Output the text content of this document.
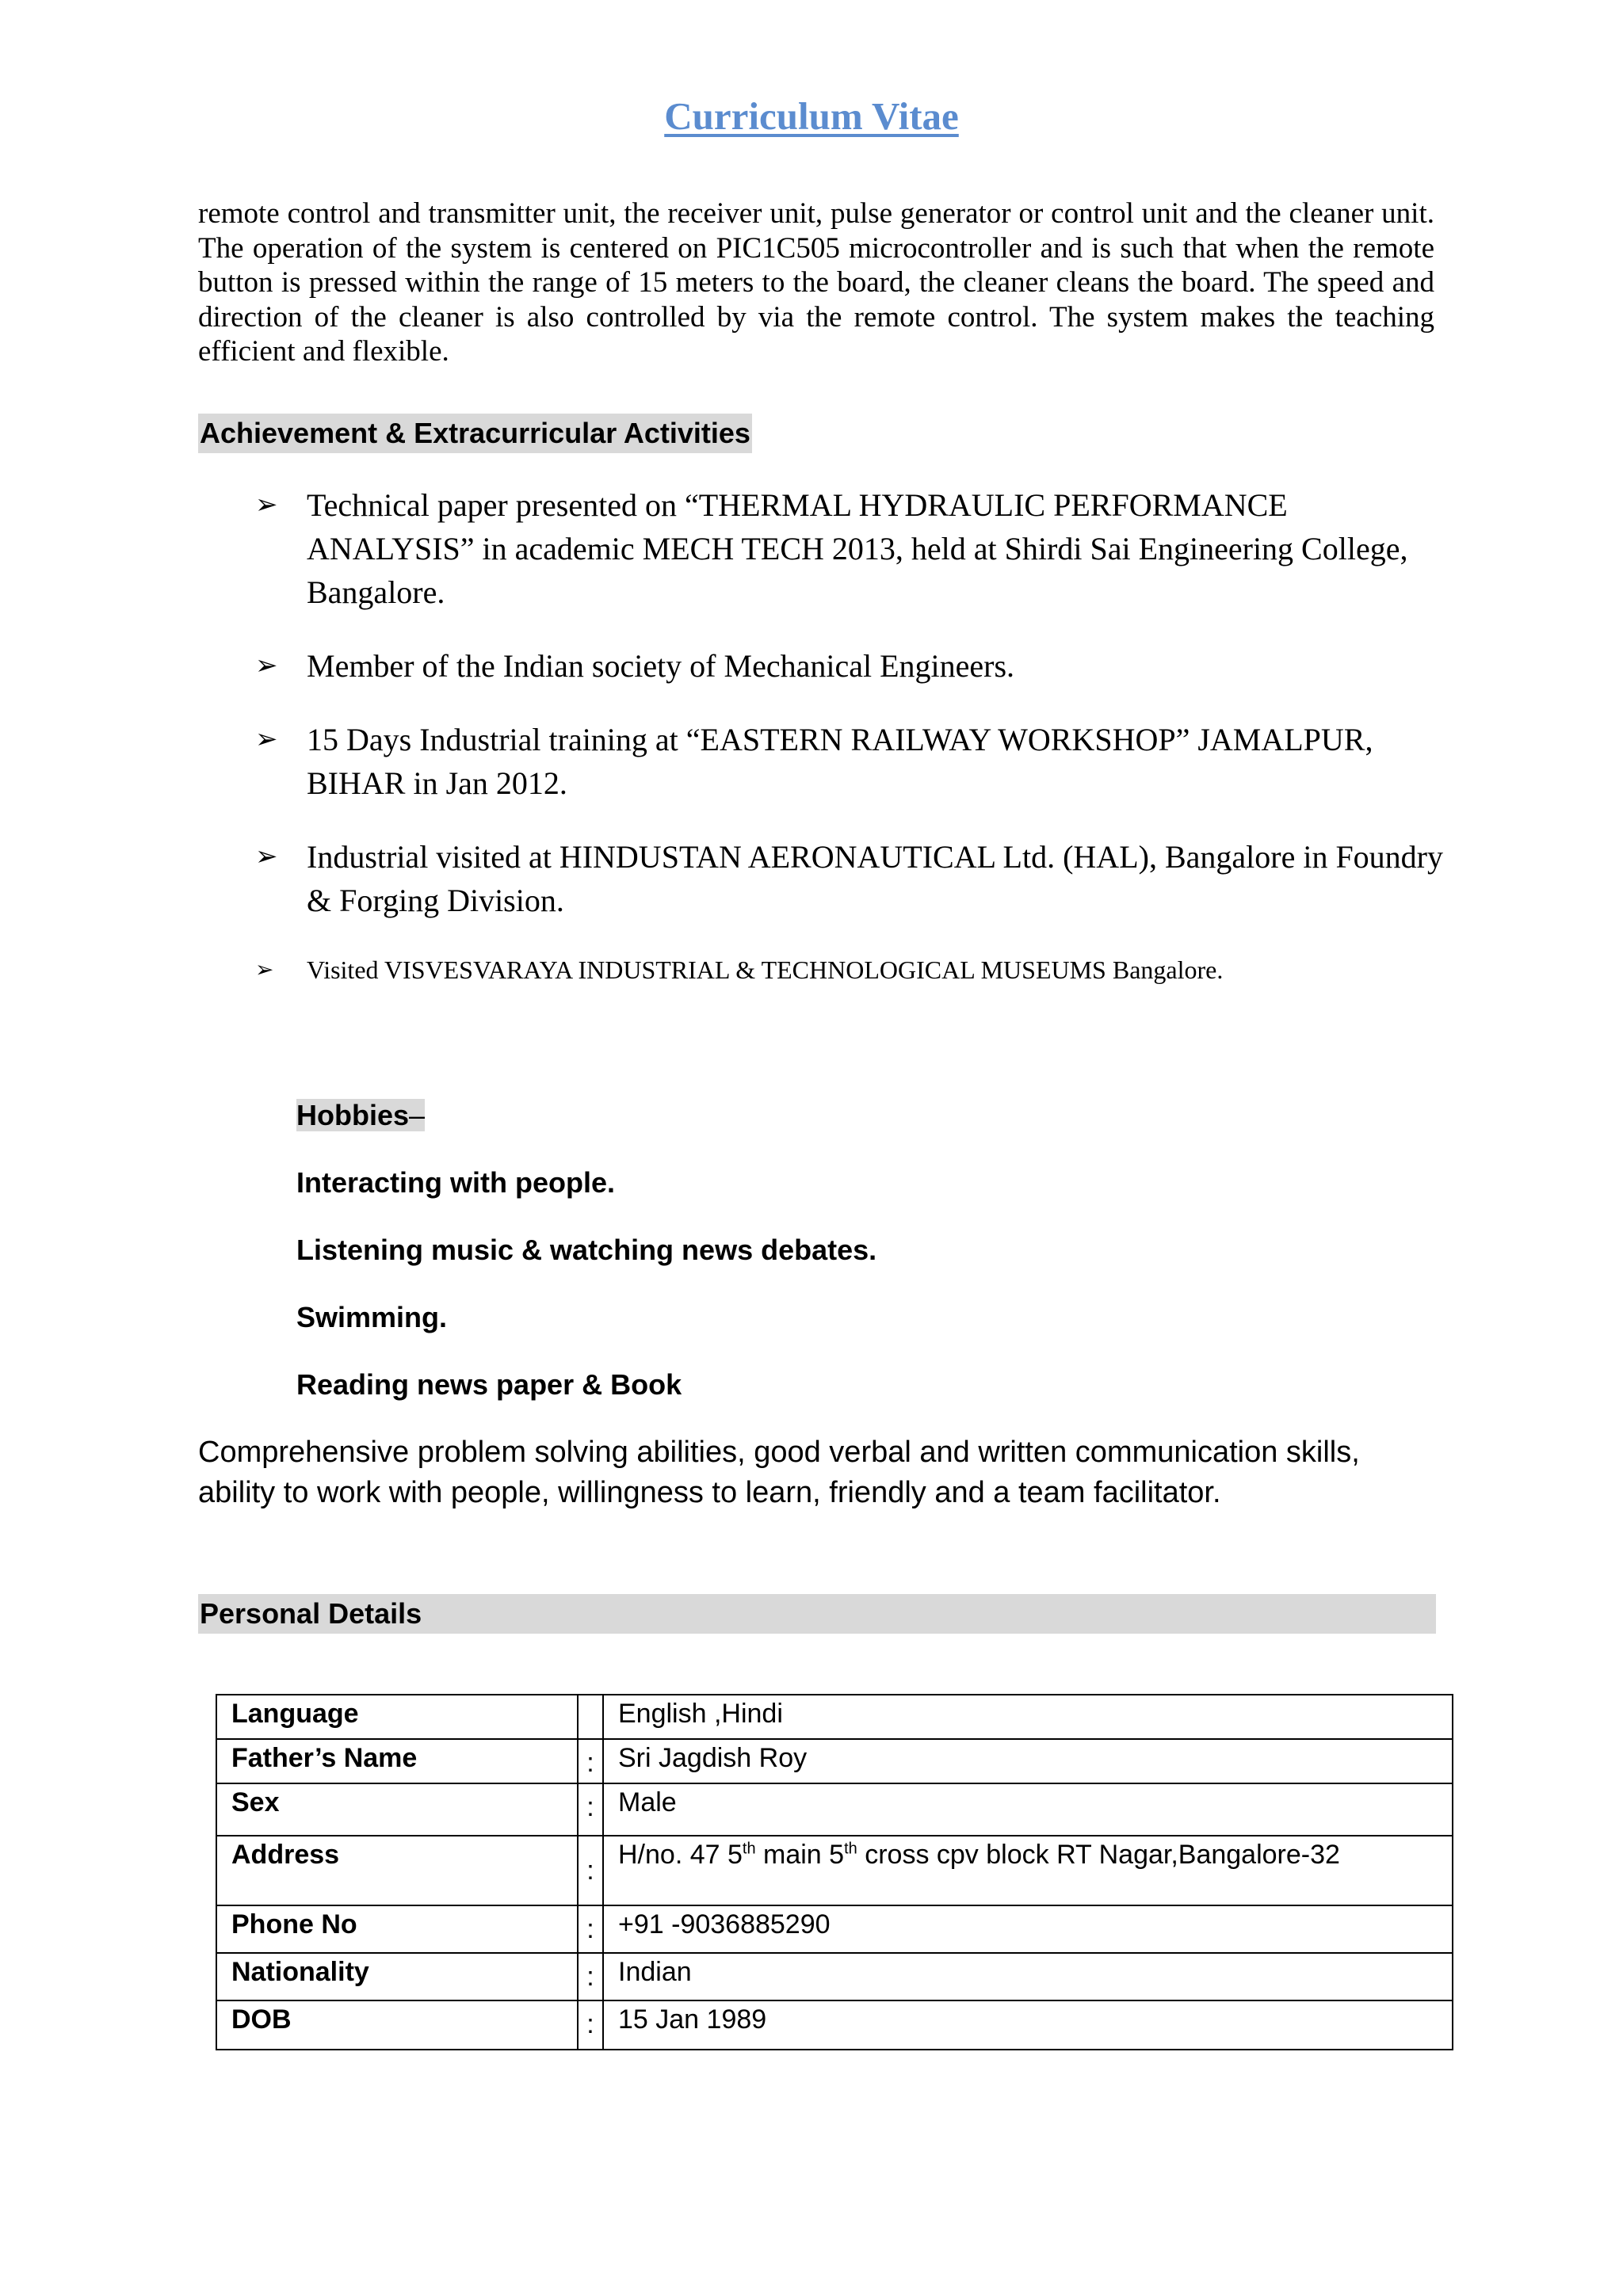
Curriculum Vitae

remote control and transmitter unit, the receiver unit, pulse generator or control unit and the cleaner unit. The operation of the system is centered on PIC1C505 microcontroller and is such that when the remote button is pressed within the range of 15 meters to the board, the cleaner cleans the board. The speed and direction of the cleaner is also controlled by via the remote control. The system makes the teaching efficient and flexible.

Achievement & Extracurricular Activities
➢ Technical paper presented on “THERMAL HYDRAULIC PERFORMANCE ANALYSIS” in academic MECH TECH 2013, held at Shirdi Sai Engineering College, Bangalore.
➢ Member of the Indian society of Mechanical Engineers.
➢ 15 Days Industrial training at “EASTERN RAILWAY WORKSHOP” JAMALPUR, BIHAR in Jan 2012.
➢ Industrial visited at HINDUSTAN AERONAUTICAL Ltd. (HAL), Bangalore in Foundry & Forging Division.
➢ Visited VISVESVARAYA INDUSTRIAL & TECHNOLOGICAL MUSEUMS Bangalore.
Hobbies–
Interacting with people.
Listening music & watching news debates.
Swimming.
Reading news paper & Book

Comprehensive problem solving abilities, good verbal and written communication skills, ability to work with people, willingness to learn, friendly and a team facilitator.

Personal Details
Language		English ,Hindi
Father’s Name	:	Sri Jagdish Roy
Sex	:	Male
Address	:	H/no. 47 5th main 5th cross cpv block RT Nagar,Bangalore-32
Phone No	:	+91 -9036885290
Nationality	:	Indian
DOB	:	15 Jan 1989
